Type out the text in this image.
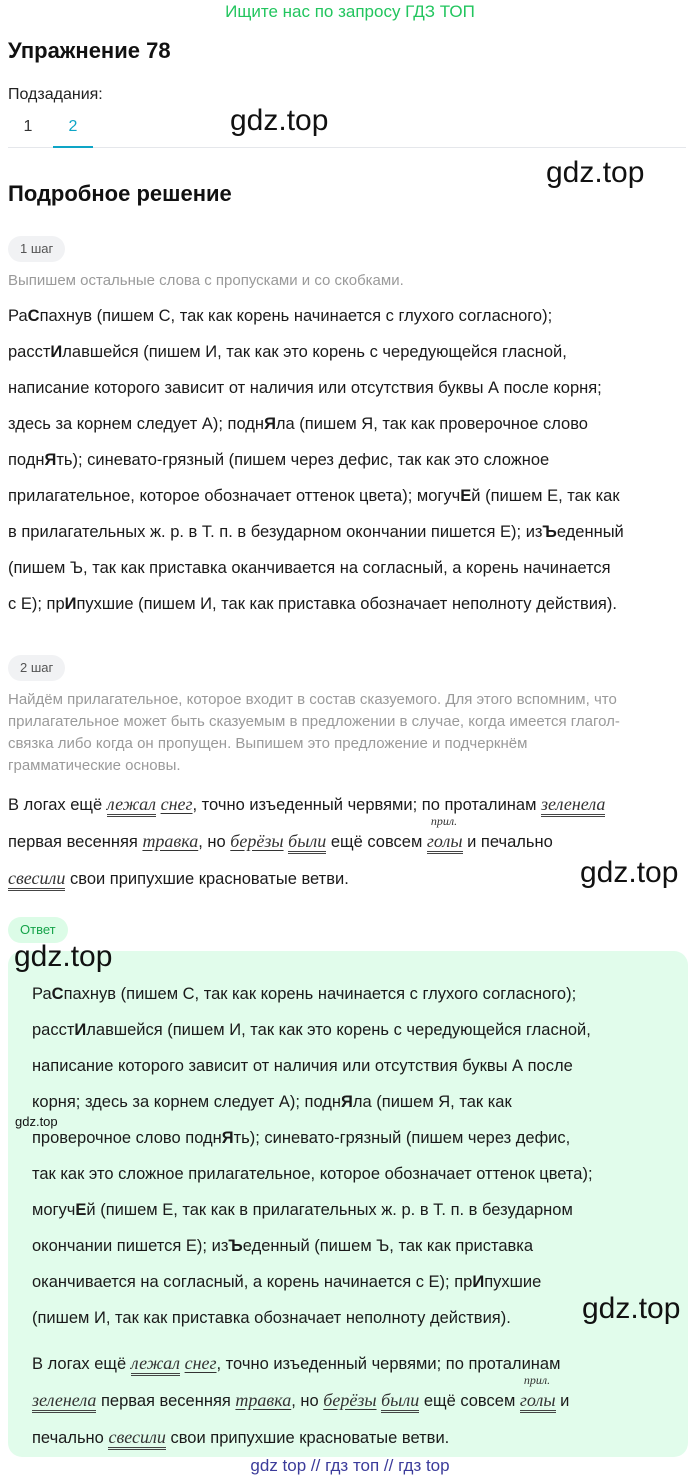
Ищите нас по запросу ГДЗ ТОП
Упражнение 78
Подзадания:
1	2	gdz.top
gdz.top
Подробное решение
1 шаг
Выпишем остальные слова с пропусками и со скобками.
РаСпахнув (пишем С, так как корень начинается с глухого согласного);
расстИлавшейся (пишем И, так как это корень с чередующейся гласной,
написание которого зависит от наличия или отсутствия буквы А после корня;
здесь за корнем следует А); поднЯла (пишем Я, так как проверочное слово
поднЯть); синевато-грязный (пишем через дефис, так как это сложное
прилагательное, которое обозначает оттенок цвета); могучЕй (пишем Е, так как
в прилагательных ж. р. в Т. п. в безударном окончании пишется Е); изЪеденный
(пишем Ъ, так как приставка оканчивается на согласный, а корень начинается
с Е); прИпухшие (пишем И, так как приставка обозначает неполноту действия).
2 шаг
Найдём прилагательное, которое входит в состав сказуемого. Для этого вспомним, что
прилагательное может быть сказуемым в предложении в случае, когда имеется глагол-
связка либо когда он пропущен. Выпишем это предложение и подчеркнём
грамматические основы.
В логах ещё лежал снег, точно изъеденный червями; по проталинам зеленела
первая весенняя травка, но берёзы были ещё совсем
прил.
голы и печально
свесили свои припухшие красноватые ветви.	gdz.top
Ответ
gdz.top
РаСпахнув (пишем С, так как корень начинается с глухого согласного);
расстИлавшейся (пишем И, так как это корень с чередующейся гласной,
написание которого зависит от наличия или отсутствия буквы А после
корня; здесь за корнем следует А); поднЯла (пишем Я, так как
проверочное слово поднЯть); синевато-грязный (пишем через дефис,
так как это сложное прилагательное, которое обозначает оттенок цвета);
могучЕй (пишем Е, так как в прилагательных ж. р. в Т. п. в безударном
окончании пишется Е); изЪеденный (пишем Ъ, так как приставка
оканчивается на согласный, а корень начинается с Е); прИпухшие
(пишем И, так как приставка обозначает неполноту действия).
gdz.top
gdz.top
В логах ещё лежал снег, точно изъеденный червями; по проталинам
зеленела первая весенняя травка, но берёзы были ещё совсем
прил.
голы и
печально свесили свои припухшие красноватые ветви.
gdz top // гдз топ // гдз top
